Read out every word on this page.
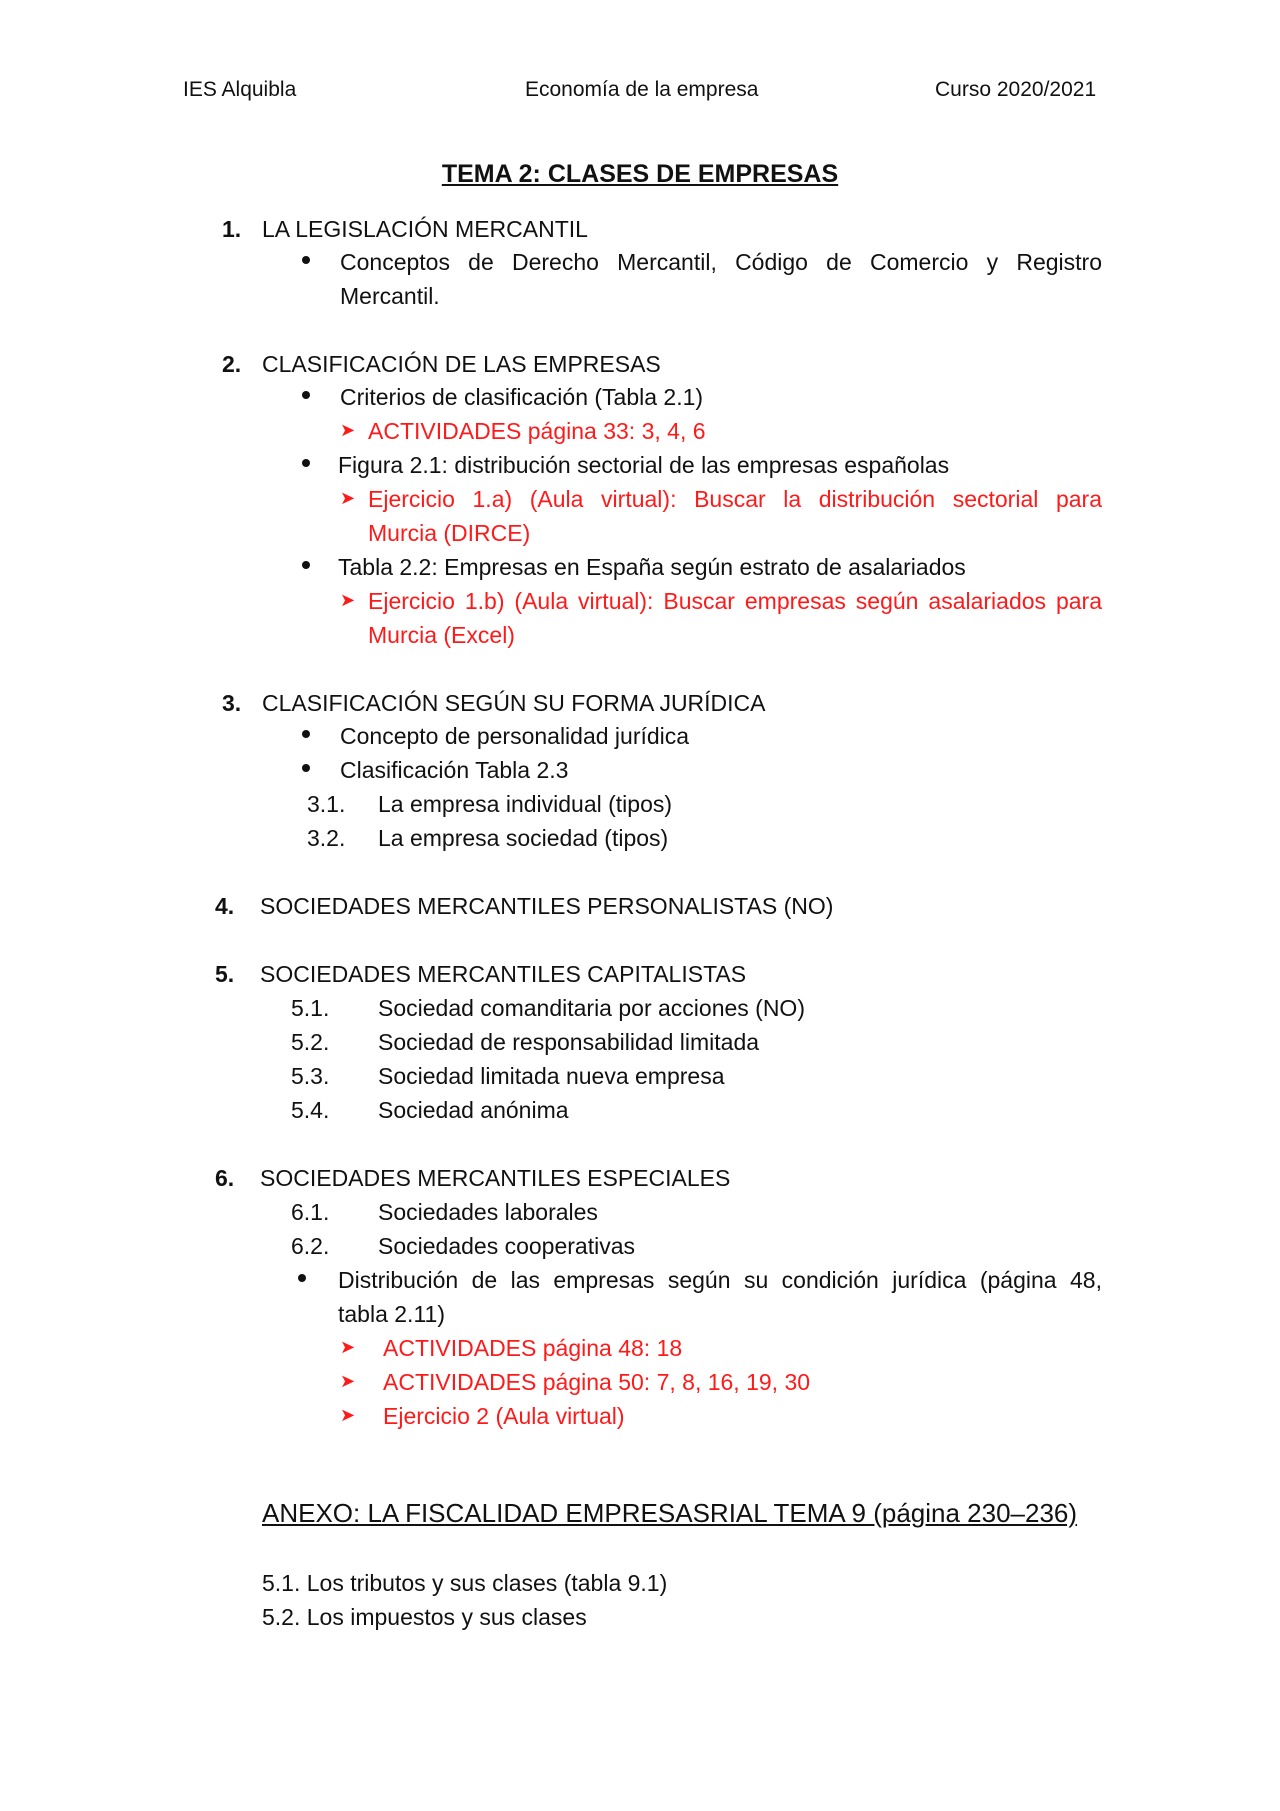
IES Alquibla	Economía de la empresa	Curso 2020/2021
TEMA 2: CLASES DE EMPRESAS
1. LA LEGISLACIÓN MERCANTIL
Conceptos de Derecho Mercantil, Código de Comercio y Registro
Mercantil.
2. CLASIFICACIÓN DE LAS EMPRESAS
Criterios de clasificación (Tabla 2.1)
➤ ACTIVIDADES página 33: 3, 4, 6
Figura 2.1: distribución sectorial de las empresas españolas
➤ Ejercicio 1.a) (Aula virtual): Buscar la distribución sectorial para
Murcia (DIRCE)
Tabla 2.2: Empresas en España según estrato de asalariados
➤ Ejercicio 1.b) (Aula virtual): Buscar empresas según asalariados para
Murcia (Excel)
3. CLASIFICACIÓN SEGÚN SU FORMA JURÍDICA
Concepto de personalidad jurídica
Clasificación Tabla 2.3
3.1. La empresa individual (tipos)
3.2. La empresa sociedad (tipos)
4. SOCIEDADES MERCANTILES PERSONALISTAS (NO)
5. SOCIEDADES MERCANTILES CAPITALISTAS
5.1. Sociedad comanditaria por acciones (NO)
5.2. Sociedad de responsabilidad limitada
5.3. Sociedad limitada nueva empresa
5.4. Sociedad anónima
6. SOCIEDADES MERCANTILES ESPECIALES
6.1. Sociedades laborales
6.2. Sociedades cooperativas
Distribución de las empresas según su condición jurídica (página 48,
tabla 2.11)
➤ ACTIVIDADES página 48: 18
➤ ACTIVIDADES página 50: 7, 8, 16, 19, 30
➤ Ejercicio 2 (Aula virtual)
ANEXO: LA FISCALIDAD EMPRESASRIAL TEMA 9 (página 230–236)
5.1. Los tributos y sus clases (tabla 9.1)
5.2. Los impuestos y sus clases
